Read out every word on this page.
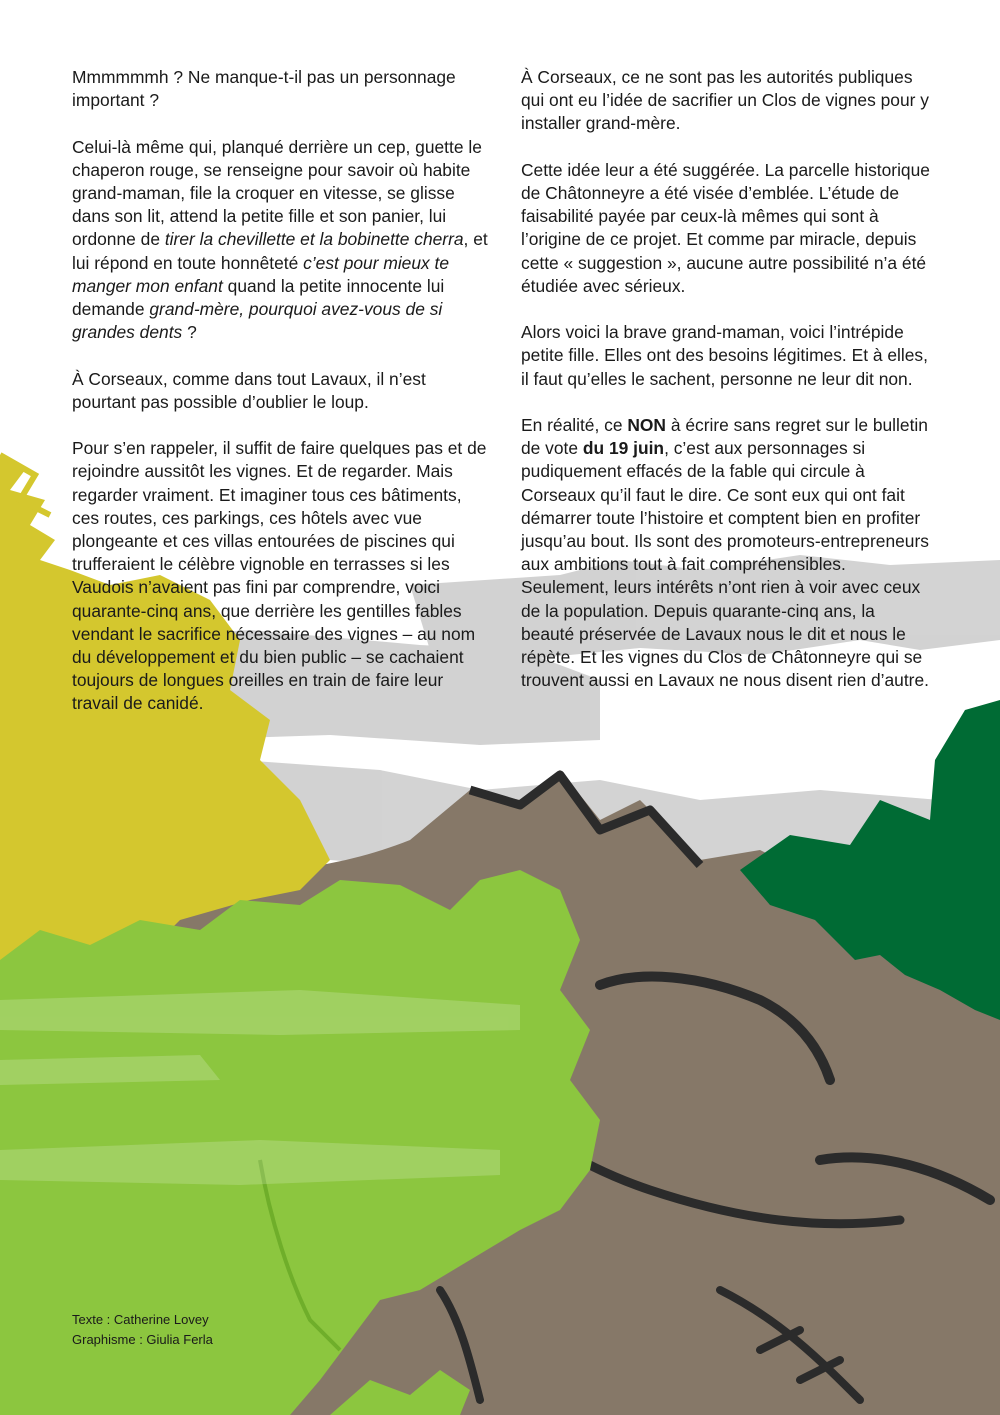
Mmmmmmh ? Ne manque-t-il pas un personnage important ?

Celui-là même qui, planqué derrière un cep, guette le chaperon rouge, se renseigne pour savoir où habite grand-maman, file la croquer en vitesse, se glisse dans son lit, attend la petite fille et son panier, lui ordonne de tirer la chevillette et la bobinette cherra, et lui répond en toute honnêteté c’est pour mieux te manger mon enfant quand la petite innocente lui demande grand-mère, pourquoi avez-vous de si grandes dents ?

À Corseaux, comme dans tout Lavaux, il n’est pourtant pas possible d’oublier le loup.

Pour s’en rappeler, il suffit de faire quelques pas et de rejoindre aussitôt les vignes. Et de regarder. Mais regarder vraiment. Et imaginer tous ces bâtiments, ces routes, ces parkings, ces hôtels avec vue plongeante et ces villas entourées de piscines qui trufferaient le célèbre vignoble en terrasses si les Vaudois n’avaient pas fini par comprendre, voici quarante-cinq ans, que derrière les gentilles fables vendant le sacrifice nécessaire des vignes – au nom du développement et du bien public – se cachaient toujours de longues oreilles en train de faire leur travail de canidé.

À Corseaux, ce ne sont pas les autorités publiques qui ont eu l’idée de sacrifier un Clos de vignes pour y installer grand-mère.

Cette idée leur a été suggérée. La parcelle historique de Châtonneyre a été visée d’emblée. L’étude de faisabilité payée par ceux-là mêmes qui sont à l’origine de ce projet. Et comme par miracle, depuis cette « suggestion », aucune autre possibilité n’a été étudiée avec sérieux.

Alors voici la brave grand-maman, voici l’intrépide petite fille. Elles ont des besoins légitimes. Et à elles, il faut qu’elles le sachent, personne ne leur dit non.

En réalité, ce NON à écrire sans regret sur le bulletin de vote du 19 juin, c’est aux personnages si pudiquement effacés de la fable qui circule à Corseaux qu’il faut le dire. Ce sont eux qui ont fait démarrer toute l’histoire et comptent bien en profiter jusqu’au bout. Ils sont des promoteurs-entrepreneurs aux ambitions tout à fait compréhensibles. Seulement, leurs intérêts n’ont rien à voir avec ceux de la population. Depuis quarante-cinq ans, la beauté préservée de Lavaux nous le dit et nous le répète. Et les vignes du Clos de Châtonneyre qui se trouvent aussi en Lavaux ne nous disent rien d’autre.

Texte : Catherine Lovey
Graphisme : Giulia Ferla
